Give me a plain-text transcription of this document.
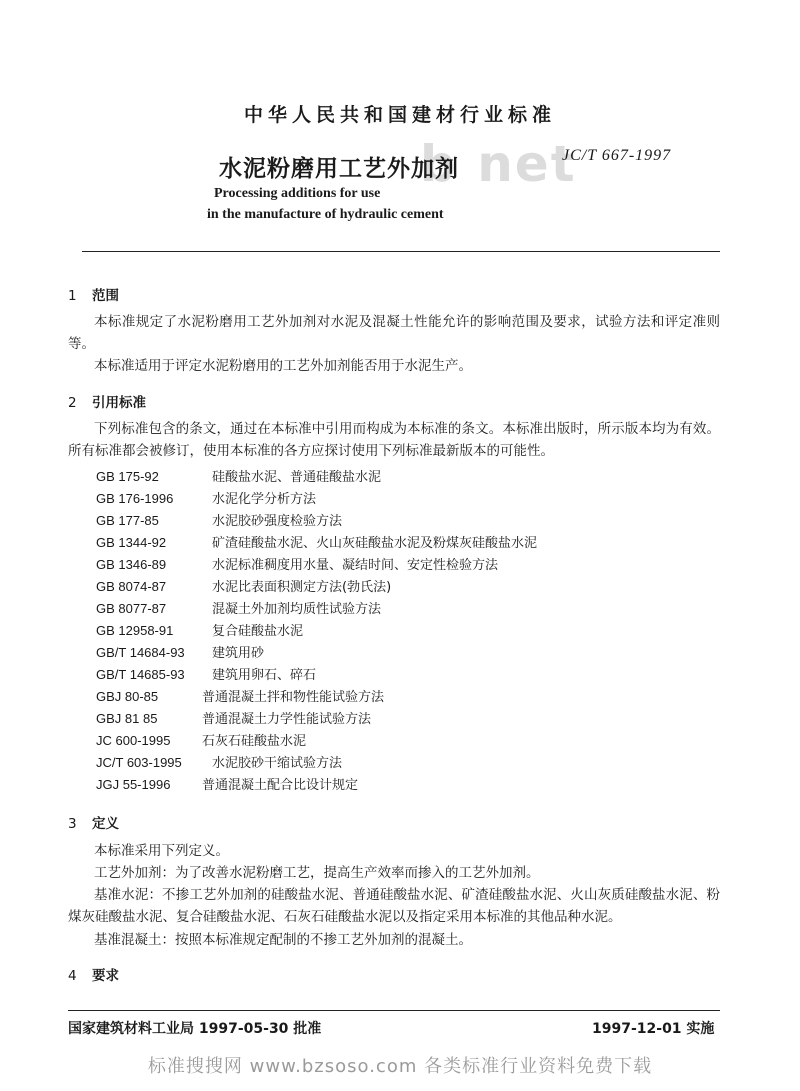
中华人民共和国建材行业标准
b net
水泥粉磨用工艺外加剂
JC/T 667-1997
Processing additions for use
in the manufacture of hydraulic cement
1 范围
本标准规定了水泥粉磨用工艺外加剂对水泥及混凝土性能允许的影响范围及要求，试验方法和评定准则等。
本标准适用于评定水泥粉磨用的工艺外加剂能否用于水泥生产。
2 引用标准
下列标准包含的条文，通过在本标准中引用而构成为本标准的条文。本标准出版时，所示版本均为有效。所有标准都会被修订，使用本标准的各方应探讨使用下列标准最新版本的可能性。
GB 175-92	硅酸盐水泥、普通硅酸盐水泥
GB 176-1996	水泥化学分析方法
GB 177-85	水泥胶砂强度检验方法
GB 1344-92	矿渣硅酸盐水泥、火山灰硅酸盐水泥及粉煤灰硅酸盐水泥
GB 1346-89	水泥标准稠度用水量、凝结时间、安定性检验方法
GB 8074-87	水泥比表面积测定方法(勃氏法)
GB 8077-87	混凝土外加剂均质性试验方法
GB 12958-91	复合硅酸盐水泥
GB/T 14684-93 建筑用砂
GB/T 14685-93 建筑用卵石、碎石
GBJ 80-85	普通混凝土拌和物性能试验方法
GBJ 81 85	普通混凝土力学性能试验方法
JC 600-1995 石灰石硅酸盐水泥
JC/T 603-1995 水泥胶砂干缩试验方法
JGJ 55-1996 普通混凝土配合比设计规定
3 定义
本标准采用下列定义。
工艺外加剂：为了改善水泥粉磨工艺，提高生产效率而掺入的工艺外加剂。
基准水泥：不掺工艺外加剂的硅酸盐水泥、普通硅酸盐水泥、矿渣硅酸盐水泥、火山灰质硅酸盐水泥、粉煤灰硅酸盐水泥、复合硅酸盐水泥、石灰石硅酸盐水泥以及指定采用本标准的其他品种水泥。
基准混凝土：按照本标准规定配制的不掺工艺外加剂的混凝土。
4 要求
国家建筑材料工业局 1997-05-30 批准	1997-12-01 实施
标准搜搜网 www.bzsoso.com 各类标准行业资料免费下载
